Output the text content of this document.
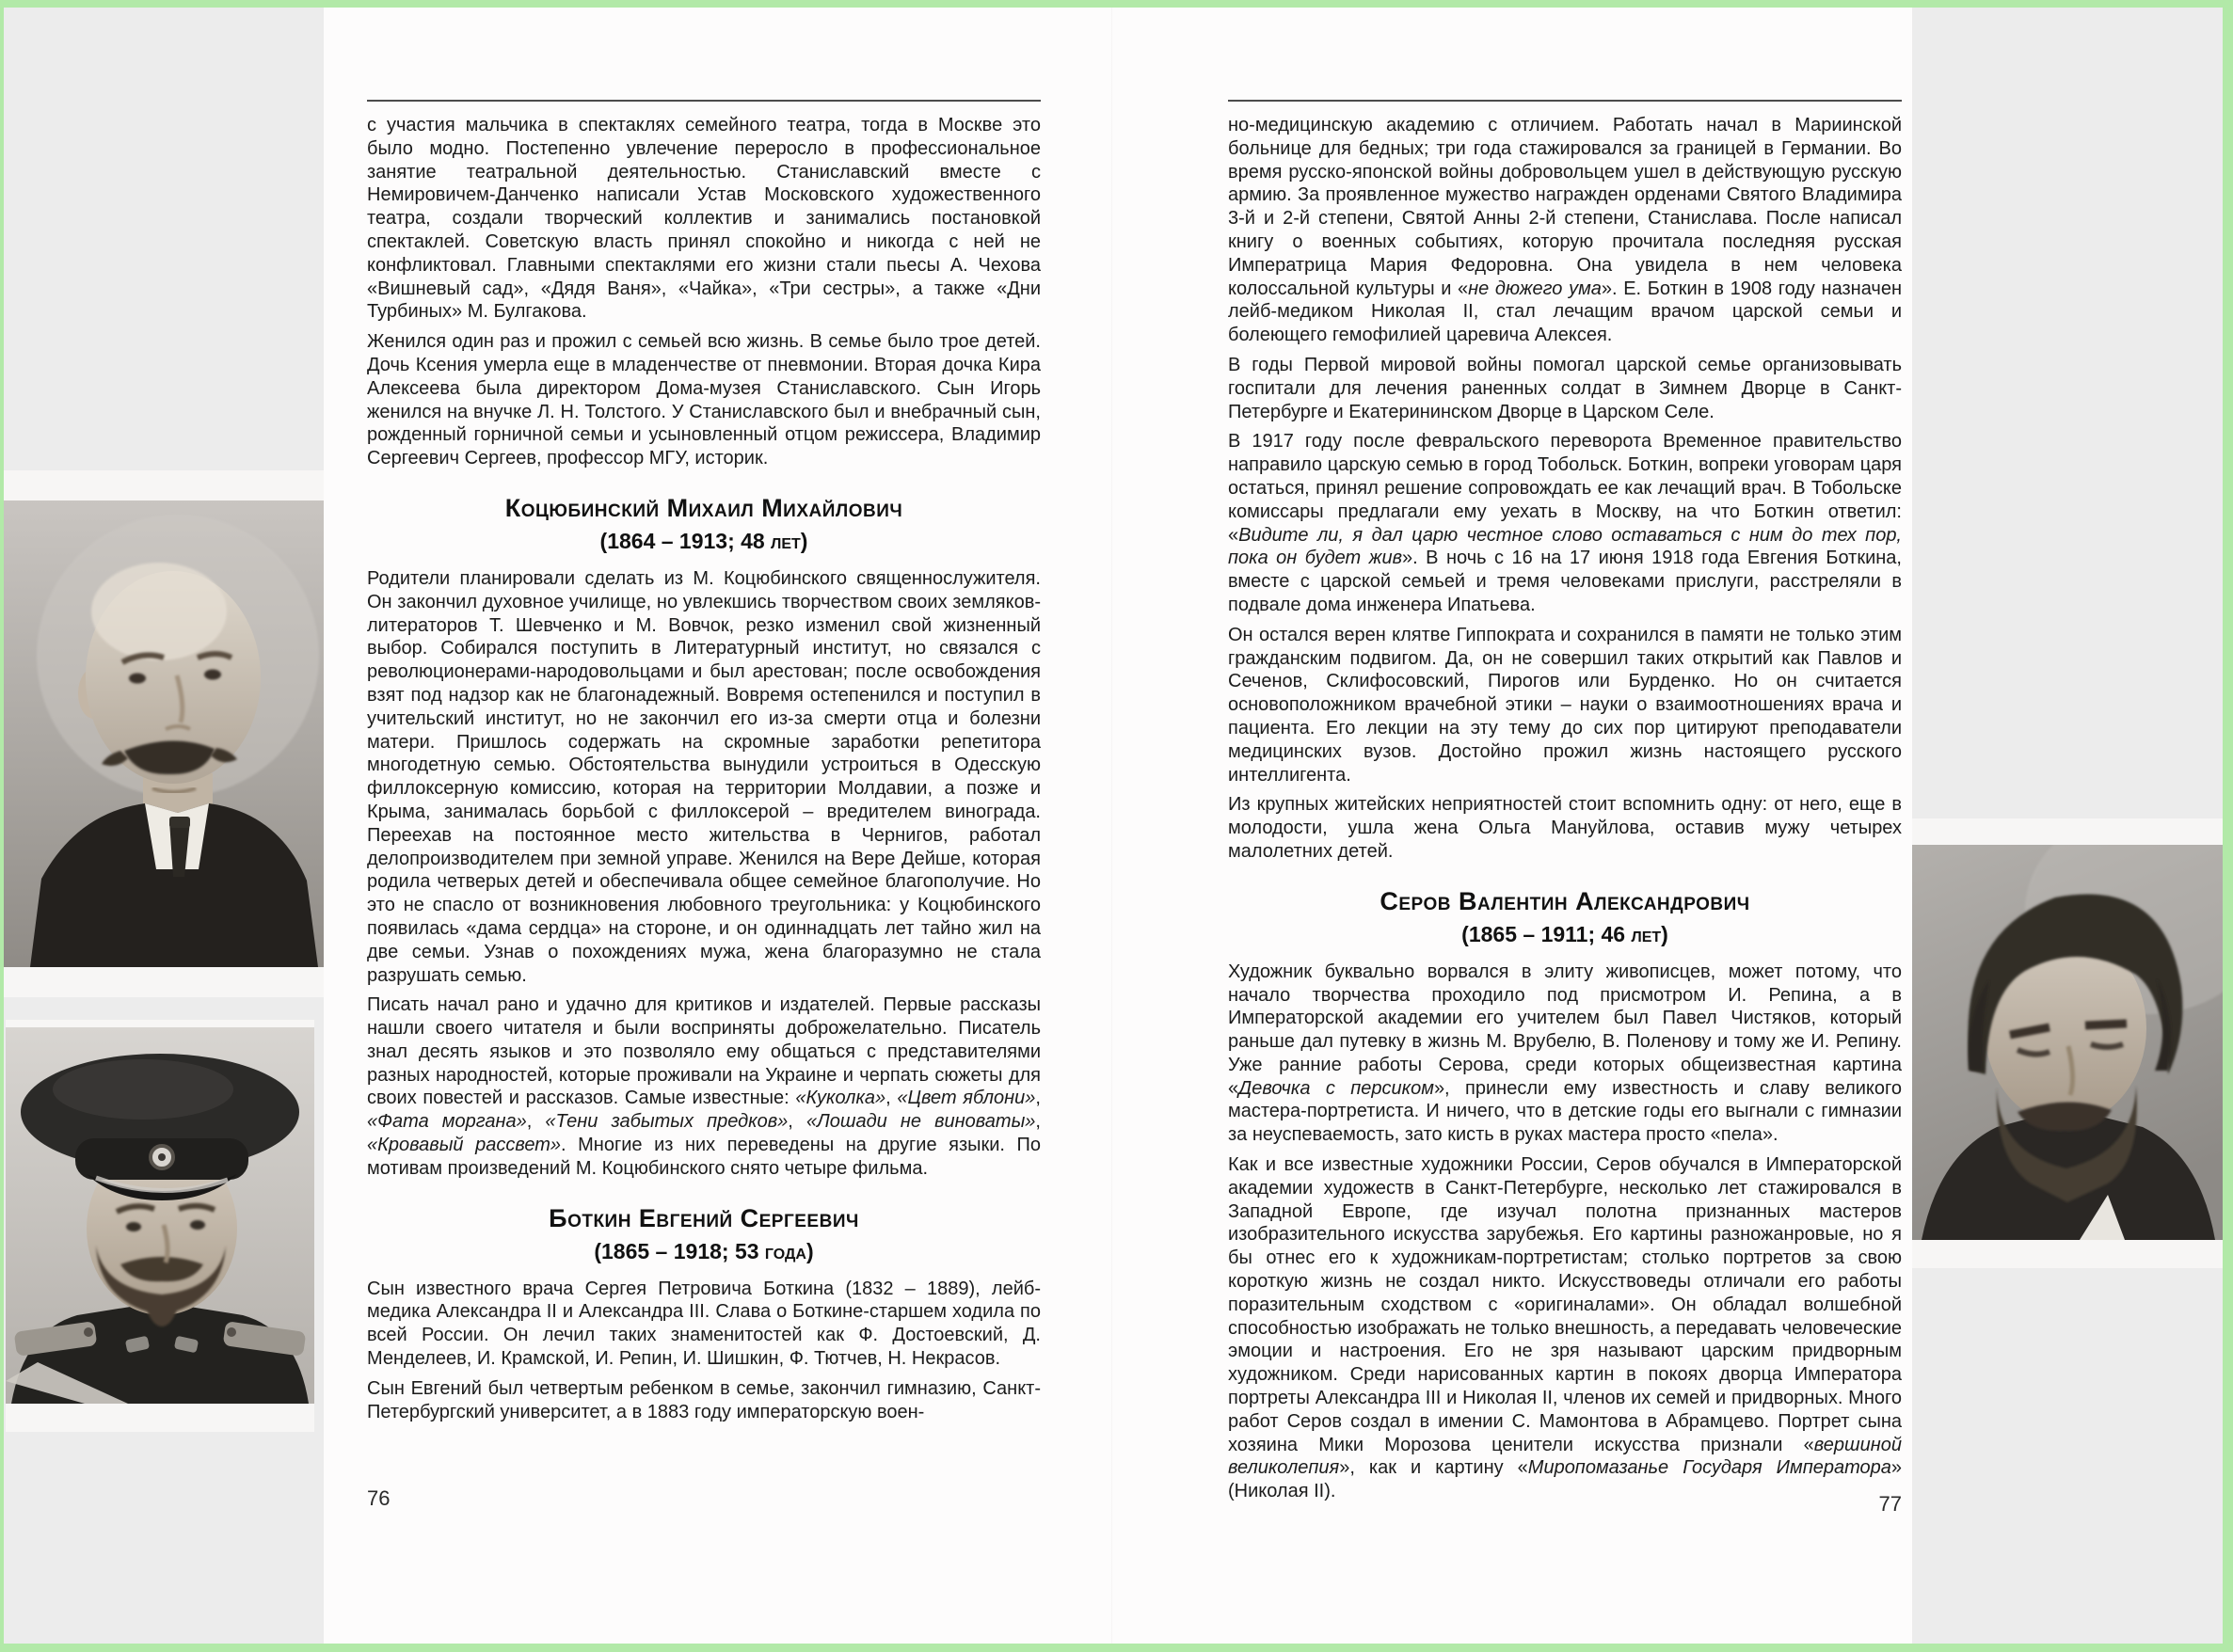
с участия мальчика в спектаклях семейного театра, тогда в Москве это было модно. Постепенно увлечение переросло в профессиональное занятие театральной деятельностью. Станиславский вместе с Немировичем-Данченко написали Устав Московского художественного театра, создали творческий коллектив и занимались постановкой спектаклей. Советскую власть принял спокойно и никогда с ней не конфликтовал. Главными спектаклями его жизни стали пьесы А. Чехова «Вишневый сад», «Дядя Ваня», «Чайка», «Три сестры», а также «Дни Турбиных» М. Булгакова.

Женился один раз и прожил с семьей всю жизнь. В семье было трое детей. Дочь Ксения умерла еще в младенчестве от пневмонии. Вторая дочка Кира Алексеева была директором Дома-музея Станиславского. Сын Игорь женился на внучке Л. Н. Толстого. У Станиславского был и внебрачный сын, рожденный горничной семьи и усыновленный отцом режиссера, Владимир Сергеевич Сергеев, профессор МГУ, историк.

Коцюбинский Михаил Михайлович
(1864 – 1913; 48 лет)

Родители планировали сделать из М. Коцюбинского священнослужителя. Он закончил духовное училище, но увлекшись творчеством своих земляков-литераторов Т. Шевченко и М. Вовчок, резко изменил свой жизненный выбор. Собирался поступить в Литературный институт, но связался с революционерами-народовольцами и был арестован; после освобождения взят под надзор как не благонадежный. Вовремя остепенился и поступил в учительский институт, но не закончил его из-за смерти отца и болезни матери. Пришлось содержать на скромные заработки репетитора многодетную семью. Обстоятельства вынудили устроиться в Одесскую филлоксерную комиссию, которая на территории Молдавии, а позже и Крыма, занималась борьбой с филлоксерой – вредителем винограда. Переехав на постоянное место жительства в Чернигов, работал делопроизводителем при земной управе. Женился на Вере Дейше, которая родила четверых детей и обеспечивала общее семейное благополучие. Но это не спасло от возникновения любовного треугольника: у Коцюбинского появилась «дама сердца» на стороне, и он одиннадцать лет тайно жил на две семьи. Узнав о похождениях мужа, жена благоразумно не стала разрушать семью.

Писать начал рано и удачно для критиков и издателей. Первые рассказы нашли своего читателя и были восприняты доброжелательно. Писатель знал десять языков и это позволяло ему общаться с представителями разных народностей, которые проживали на Украине и черпать сюжеты для своих повестей и рассказов. Самые известные: «Куколка», «Цвет яблони», «Фата моргана», «Тени забытых предков», «Лошади не виноваты», «Кровавый рассвет». Многие из них переведены на другие языки. По мотивам произведений М. Коцюбинского снято четыре фильма.

Боткин Евгений Сергеевич
(1865 – 1918; 53 года)

Сын известного врача Сергея Петровича Боткина (1832 – 1889), лейб-медика Александра II и Александра III. Слава о Боткине-старшем ходила по всей России. Он лечил таких знаменитостей как Ф. Достоевский, Д. Менделеев, И. Крамской, И. Репин, И. Шишкин, Ф. Тютчев, Н. Некрасов.

Сын Евгений был четвертым ребенком в семье, закончил гимназию, Санкт-Петербургский университет, а в 1883 году императорскую воен-

76

но-медицинскую академию с отличием. Работать начал в Мариинской больнице для бедных; три года стажировался за границей в Германии. Во время русско-японской войны добровольцем ушел в действующую русскую армию. За проявленное мужество награжден орденами Святого Владимира 3-й и 2-й степени, Святой Анны 2-й степени, Станислава. После написал книгу о военных событиях, которую прочитала последняя русская Императрица Мария Федоровна. Она увидела в нем человека колоссальной культуры и «не дюжего ума». Е. Боткин в 1908 году назначен лейб-медиком Николая II, стал лечащим врачом царской семьи и болеющего гемофилией царевича Алексея.

В годы Первой мировой войны помогал царской семье организовывать госпитали для лечения раненных солдат в Зимнем Дворце в Санкт-Петербурге и Екатерининском Дворце в Царском Селе.

В 1917 году после февральского переворота Временное правительство направило царскую семью в город Тобольск. Боткин, вопреки уговорам царя остаться, принял решение сопровождать ее как лечащий врач. В Тобольске комиссары предлагали ему уехать в Москву, на что Боткин ответил: «Видите ли, я дал царю честное слово оставаться с ним до тех пор, пока он будет жив». В ночь с 16 на 17 июня 1918 года Евгения Боткина, вместе с царской семьей и тремя человеками прислуги, расстреляли в подвале дома инженера Ипатьева.

Он остался верен клятве Гиппократа и сохранился в памяти не только этим гражданским подвигом. Да, он не совершил таких открытий как Павлов и Сеченов, Склифосовский, Пирогов или Бурденко. Но он считается основоположником врачебной этики – науки о взаимоотношениях врача и пациента. Его лекции на эту тему до сих пор цитируют преподаватели медицинских вузов. Достойно прожил жизнь настоящего русского интеллигента.

Из крупных житейских неприятностей стоит вспомнить одну: от него, еще в молодости, ушла жена Ольга Мануйлова, оставив мужу четырех малолетних детей.

Серов Валентин Александрович
(1865 – 1911; 46 лет)

Художник буквально ворвался в элиту живописцев, может потому, что начало творчества проходило под присмотром И. Репина, а в Императорской академии его учителем был Павел Чистяков, который раньше дал путевку в жизнь М. Врубелю, В. Поленову и тому же И. Репину. Уже ранние работы Серова, среди которых общеизвестная картина «Девочка с персиком», принесли ему известность и славу великого мастера-портретиста. И ничего, что в детские годы его выгнали с гимназии за неуспеваемость, зато кисть в руках мастера просто «пела».

Как и все известные художники России, Серов обучался в Императорской академии художеств в Санкт-Петербурге, несколько лет стажировался в Западной Европе, где изучал полотна признанных мастеров изобразительного искусства зарубежья. Его картины разножанровые, но я бы отнес его к художникам-портретистам; столько портретов за свою короткую жизнь не создал никто. Искусствоведы отличали его работы поразительным сходством с «оригиналами». Он обладал волшебной способностью изображать не только внешность, а передавать человеческие эмоции и настроения. Его не зря называют царским придворным художником. Среди нарисованных картин в покоях дворца Императора портреты Александра III и Николая II, членов их семей и придворных. Много работ Серов создал в имении С. Мамонтова в Абрамцево. Портрет сына хозяина Мики Морозова ценители искусства признали «вершиной великолепия», как и картину «Миропомазанье Государя Императора» (Николая II).

77
